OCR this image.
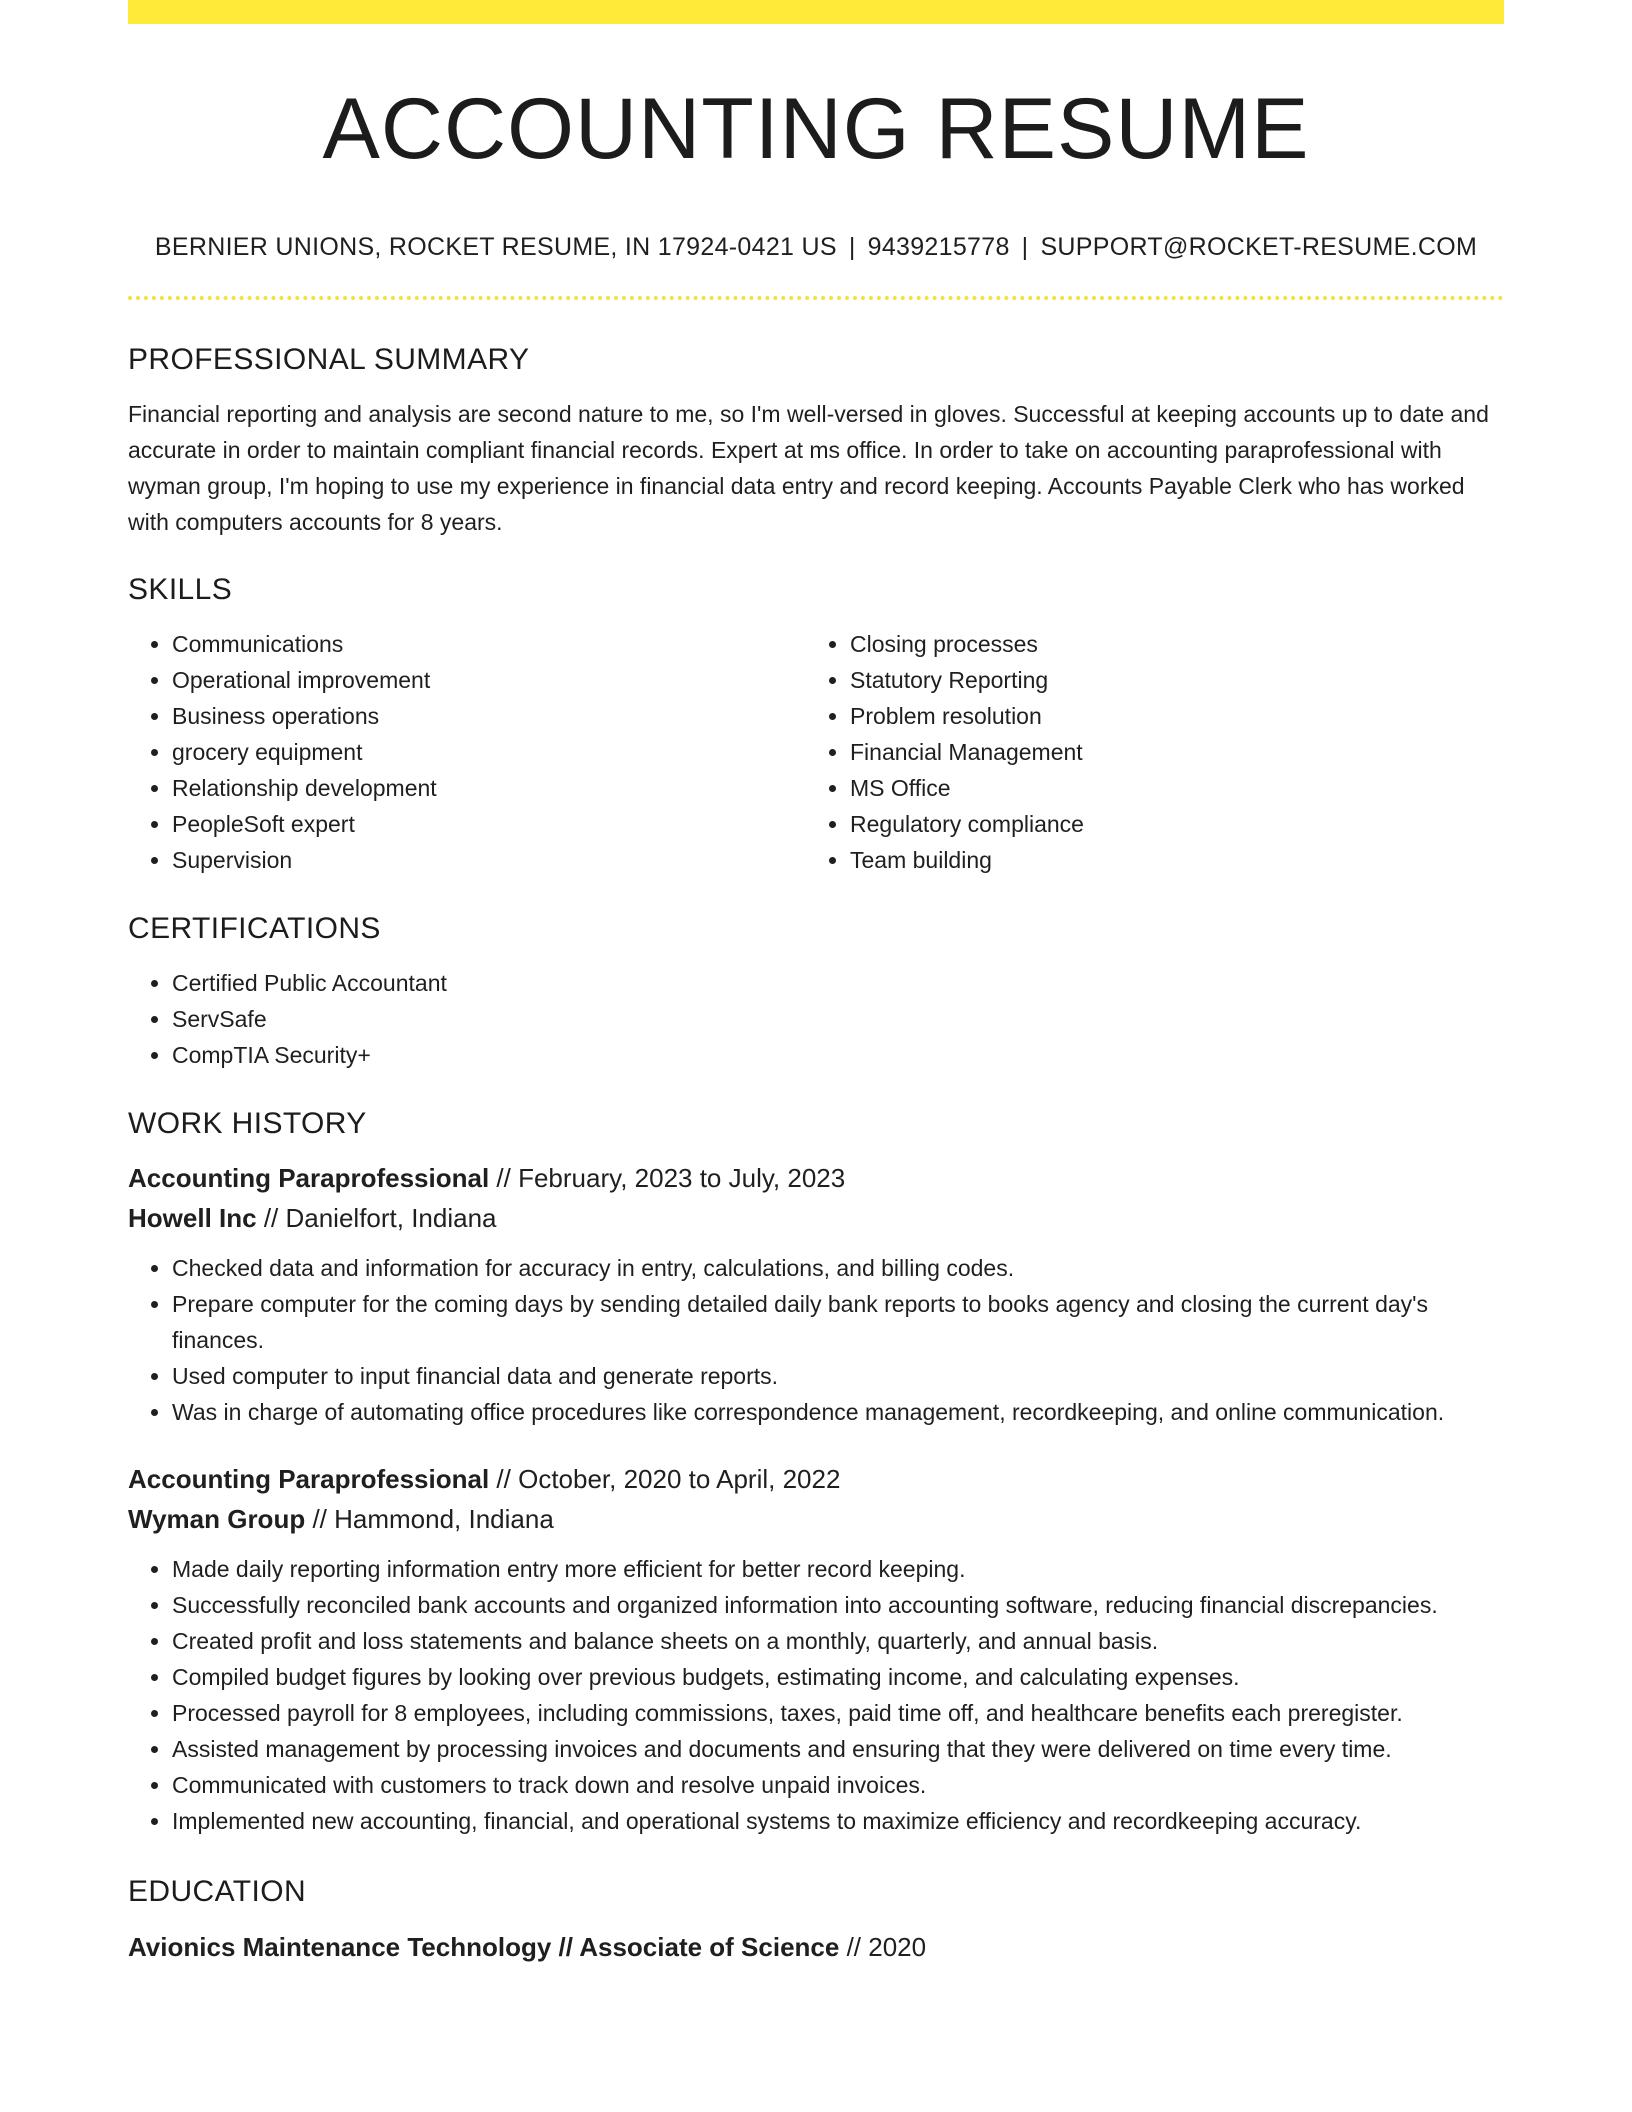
ACCOUNTING RESUME
BERNIER UNIONS, ROCKET RESUME, IN 17924-0421 US | 9439215778 | SUPPORT@ROCKET-RESUME.COM
PROFESSIONAL SUMMARY

Financial reporting and analysis are second nature to me, so I'm well-versed in gloves. Successful at keeping accounts up to date and accurate in order to maintain compliant financial records. Expert at ms office. In order to take on accounting paraprofessional with wyman group, I'm hoping to use my experience in financial data entry and record keeping. Accounts Payable Clerk who has worked with computers accounts for 8 years.

SKILLS
• Communications
• Operational improvement
• Business operations
• grocery equipment
• Relationship development
• PeopleSoft expert
• Supervision
• Closing processes
• Statutory Reporting
• Problem resolution
• Financial Management
• MS Office
• Regulatory compliance
• Team building
CERTIFICATIONS
• Certified Public Accountant
• ServSafe
• CompTIA Security+
WORK HISTORY
Accounting Paraprofessional // February, 2023 to July, 2023
Howell Inc // Danielfort, Indiana
• Checked data and information for accuracy in entry, calculations, and billing codes.
• Prepare computer for the coming days by sending detailed daily bank reports to books agency and closing the current day's finances.
• Used computer to input financial data and generate reports.
• Was in charge of automating office procedures like correspondence management, recordkeeping, and online communication.
Accounting Paraprofessional // October, 2020 to April, 2022
Wyman Group // Hammond, Indiana
• Made daily reporting information entry more efficient for better record keeping.
• Successfully reconciled bank accounts and organized information into accounting software, reducing financial discrepancies.
• Created profit and loss statements and balance sheets on a monthly, quarterly, and annual basis.
• Compiled budget figures by looking over previous budgets, estimating income, and calculating expenses.
• Processed payroll for 8 employees, including commissions, taxes, paid time off, and healthcare benefits each preregister.
• Assisted management by processing invoices and documents and ensuring that they were delivered on time every time.
• Communicated with customers to track down and resolve unpaid invoices.
• Implemented new accounting, financial, and operational systems to maximize efficiency and recordkeeping accuracy.
EDUCATION
Avionics Maintenance Technology // Associate of Science // 2020
